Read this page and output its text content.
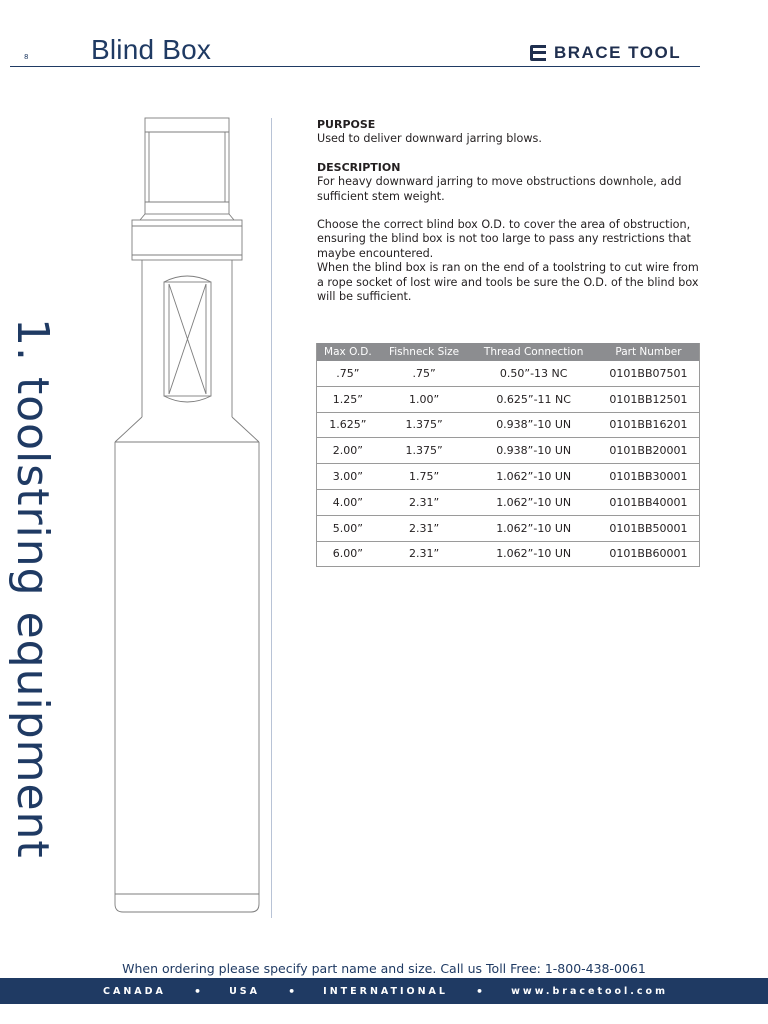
8 Blind Box	BRACE TOOL
1. toolstring equipment

PURPOSE

Used to deliver downward jarring blows.

DESCRIPTION

For heavy downward jarring to move obstructions downhole, add sufficient stem weight.

Choose the correct blind box O.D. to cover the area of obstruction, ensuring the blind box is not too large to pass any restrictions that maybe encountered.

When the blind box is ran on the end of a toolstring to cut wire from a rope socket of lost wire and tools be sure the O.D. of the blind box will be sufficient.

Max O.D.	Fishneck Size	Thread Connection	Part Number
.75”	.75”	0.50”-13 NC	0101BB07501
1.25”	1.00”	0.625”-11 NC	0101BB12501
1.625”	1.375”	0.938”-10 UN	0101BB16201
2.00”	1.375”	0.938”-10 UN	0101BB20001
3.00”	1.75”	1.062”-10 UN	0101BB30001
4.00”	2.31”	1.062”-10 UN	0101BB40001
5.00”	2.31”	1.062”-10 UN	0101BB50001
6.00”	2.31”	1.062”-10 UN	0101BB60001
When ordering please specify part name and size. Call us Toll Free: 1-800-438-0061
CANADA	•	USA	•	INTERNATIONAL	•	www.bracetool.com
